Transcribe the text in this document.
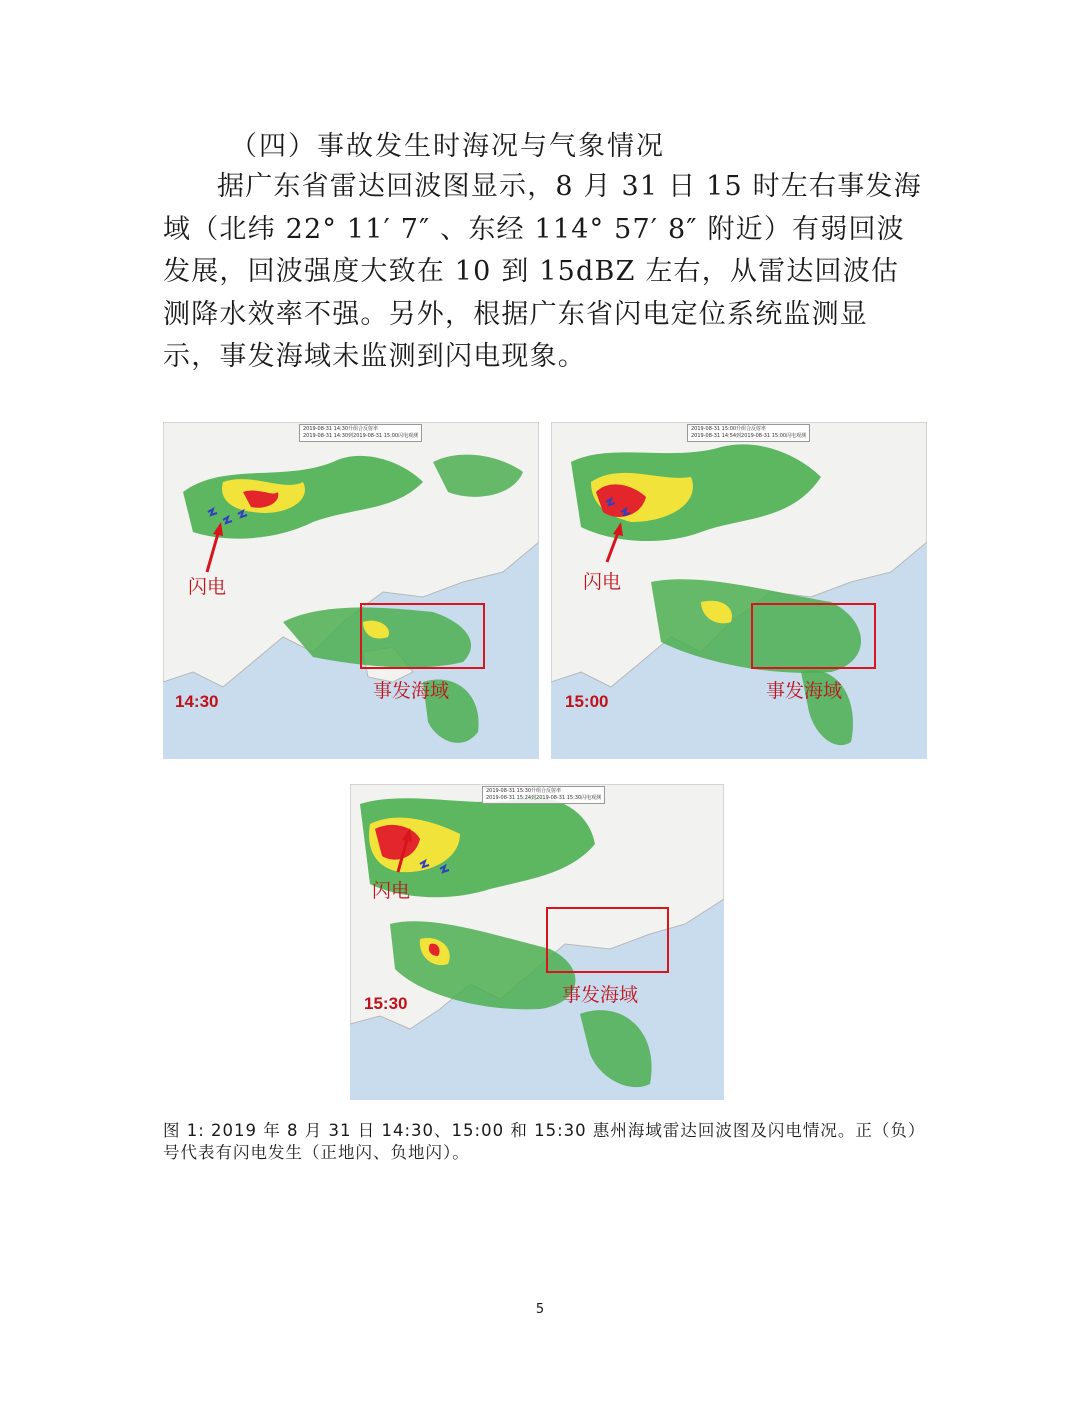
（四）事故发生时海况与气象情况

据广东省雷达回波图显示，8 月 31 日 15 时左右事发海域（北纬 22° 11′ 7″ 、东经 114° 57′ 8″ 附近）有弱回波发展，回波强度大致在 10 到 15dBZ 左右，从雷达回波估测降水效率不强。另外，根据广东省闪电定位系统监测显示，事发海域未监测到闪电现象。

2019-08-31 14:30升组合反射率
2019-08-31 14:30到2019-08-31 15:00闪电观测
闪电
事发海域
14:30
2019-08-31 15:00升组合反射率
2019-08-31 14:54到2019-08-31 15:00闪电观测
闪电
事发海域
15:00
2019-08-31 15:30升组合反射率
2019-08-31 15:24到2019-08-31 15:30闪电观测
闪电
事发海域
15:30

图 1: 2019 年 8 月 31 日 14:30、15:00 和 15:30 惠州海域雷达回波图及闪电情况。正（负）号代表有闪电发生（正地闪、负地闪）。

5
